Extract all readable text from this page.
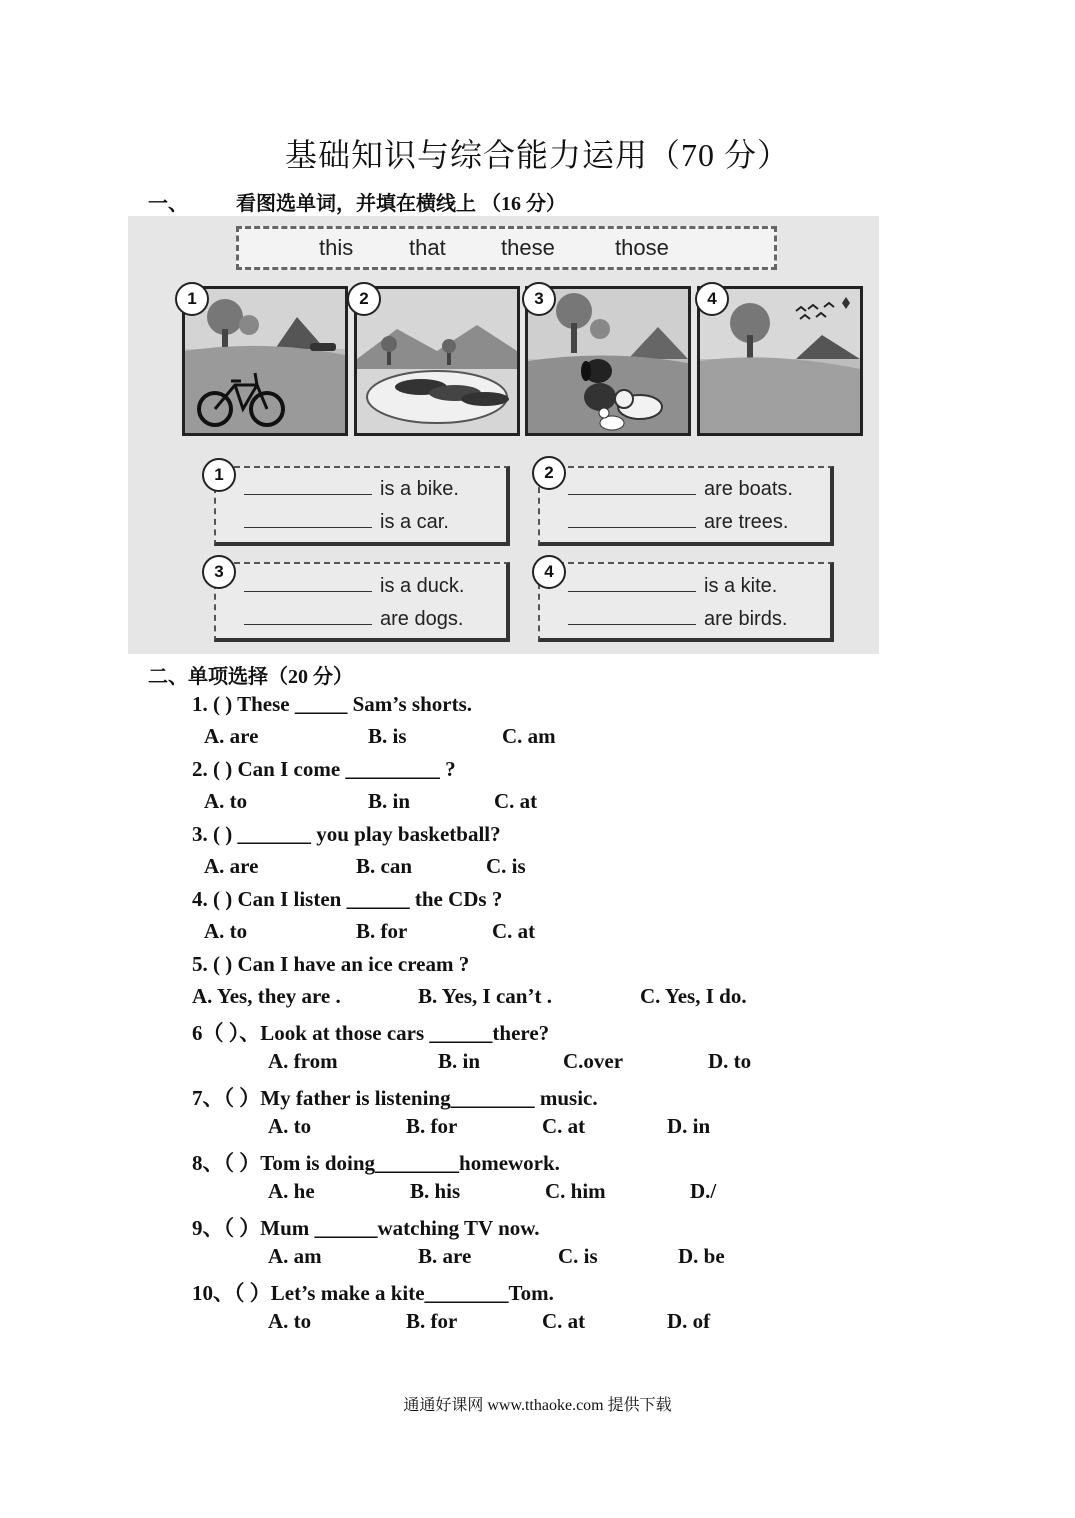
基础知识与综合能力运用（70 分）
一、 看图选单词，并填在横线上 （16 分）
this	that	these	those
1	2	3	4
is a bike.
is a car.
1
are boats.
are trees.
2
is a duck.
are dogs.
3
is a kite.
are birds.
4
二、单项选择（20 分）
1. ( ) These _____ Sam’s shorts.
A. are	B. is	C. am
2. ( ) Can I come _________ ?
A. to	B. in	C. at
3. ( ) _______ you play basketball?
A. are	B. can	C. is
4. ( ) Can I listen ______ the CDs ?
A. to	B. for	C. at
5. ( ) Can I have an ice cream ?
A. Yes, they are .	B. Yes, I can’t .	C. Yes, I do.
6（ ）、Look at those cars ______there?
A. from	B. in	C.over	D. to
7、（ ）My father is listening________ music.
A. to	B. for	C. at	D. in
8、（ ）Tom is doing________homework.
A. he	B. his	C. him	D./
9、（ ）Mum ______watching TV now.
A. am	B. are	C. is	D. be
10、（ ）Let’s make a kite________Tom.
A. to	B. for	C. at	D. of
通通好课网 www.tthaoke.com 提供下载
